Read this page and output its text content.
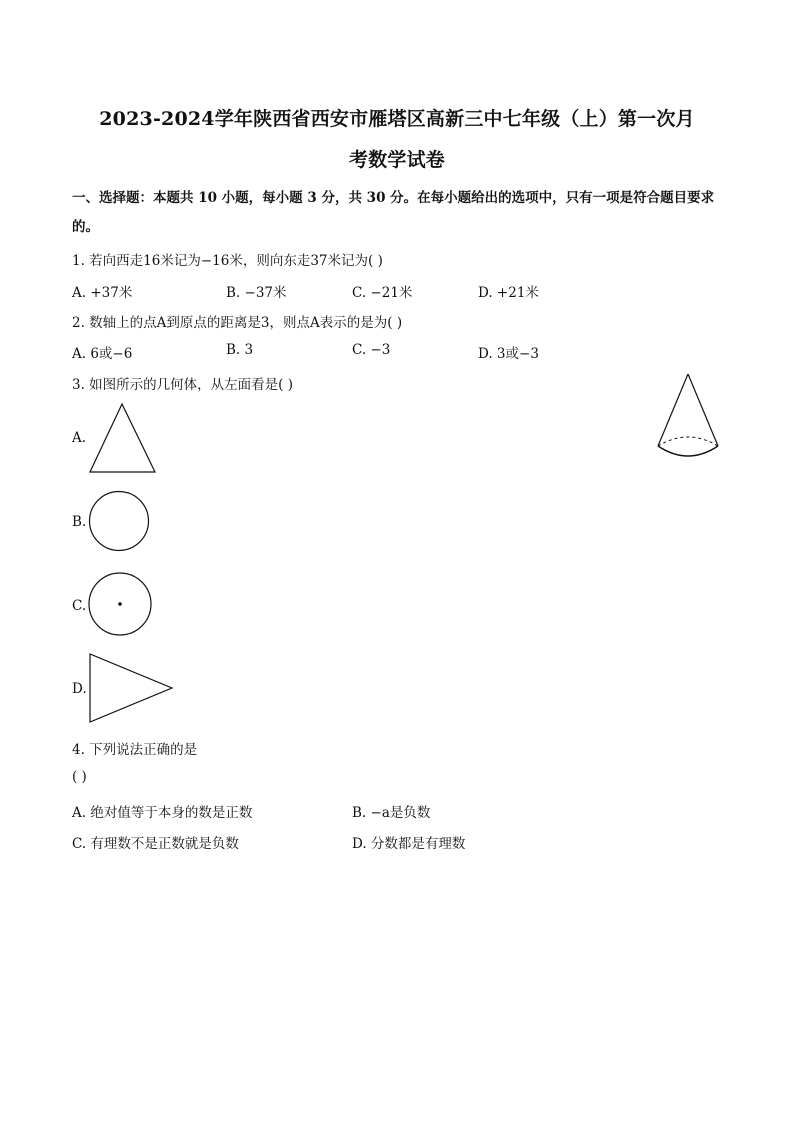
2023-2024学年陕西省西安市雁塔区高新三中七年级（上）第一次月
考数学试卷
一、选择题：本题共 10 小题，每小题 3 分，共 30 分。在每小题给出的选项中，只有一项是符合题目要求
的。
1. 若向西走16米记为−16米，则向东走37米记为( )
A. +37米	B. −37米	C. −21米	D. +21米
2. 数轴上的点A到原点的距离是3，则点A表示的是为( )
A. 6或−6	B. 3	C. −3	D. 3或−3
3. 如图所示的几何体，从左面看是( )
A.
B.
C.
D.
4. 下列说法正确的是
( )
A. 绝对值等于本身的数是正数	B. −a是负数
C. 有理数不是正数就是负数	D. 分数都是有理数
